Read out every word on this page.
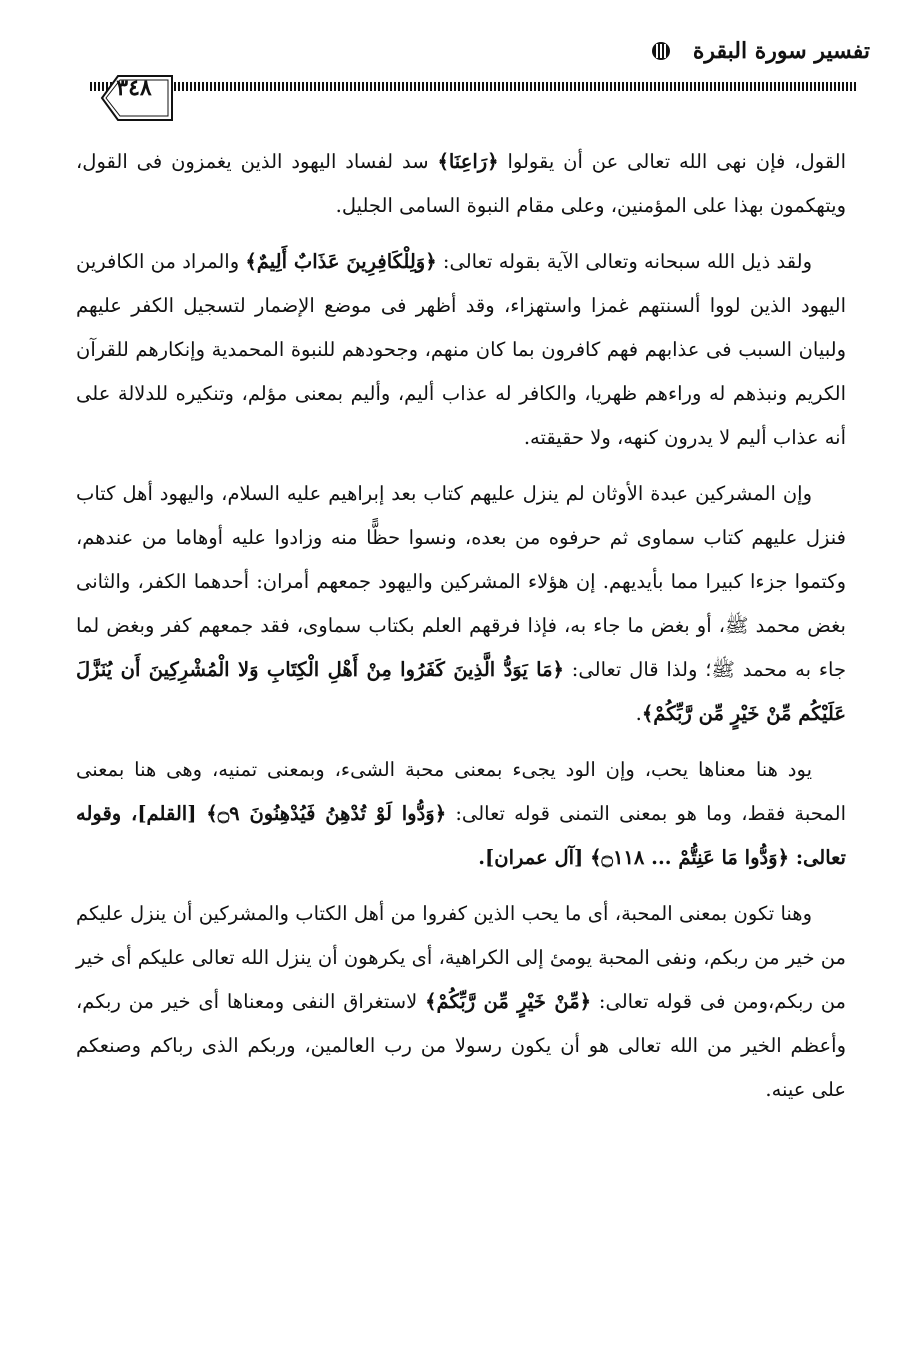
تفسير سورة البقرة
٣٤٨

القول، فإن نهى الله تعالى عن أن يقولوا ﴿رَاعِنَا﴾ سد لفساد اليهود الذين يغمزون فى القول، ويتهكمون بهذا على المؤمنين، وعلى مقام النبوة السامى الجليل.

ولقد ذيل الله سبحانه وتعالى الآية بقوله تعالى: ﴿وَلِلْكَافِرِينَ عَذَابٌ أَلِيمٌ﴾ والمراد من الكافرين اليهود الذين لووا ألسنتهم غمزا واستهزاء، وقد أظهر فى موضع الإضمار لتسجيل الكفر عليهم ولبيان السبب فى عذابهم فهم كافرون بما كان منهم، وجحودهم للنبوة المحمدية وإنكارهم للقرآن الكريم ونبذهم له وراءهم ظهريا، والكافر له عذاب أليم، وأليم بمعنى مؤلم، وتنكيره للدلالة على أنه عذاب أليم لا يدرون كنهه، ولا حقيقته.

وإن المشركين عبدة الأوثان لم ينزل عليهم كتاب بعد إبراهيم عليه السلام، واليهود أهل كتاب فنزل عليهم كتاب سماوى ثم حرفوه من بعده، ونسوا حظًّا منه وزادوا عليه أوهاما من عندهم، وكتموا جزءا كبيرا مما بأيديهم. إن هؤلاء المشركين واليهود جمعهم أمران: أحدهما الكفر، والثانى بغض محمد ﷺ، أو بغض ما جاء به، فإذا فرقهم العلم بكتاب سماوى، فقد جمعهم كفر وبغض لما جاء به محمد ﷺ؛ ولذا قال تعالى: ﴿مَا يَوَدُّ الَّذِينَ كَفَرُوا مِنْ أَهْلِ الْكِتَابِ وَلا الْمُشْرِكِينَ أَن يُنَزَّلَ عَلَيْكُم مِّنْ خَيْرٍ مِّن رَّبِّكُمْ﴾.

يود هنا معناها يحب، وإن الود يجىء بمعنى محبة الشىء، وبمعنى تمنيه، وهى هنا بمعنى المحبة فقط، وما هو بمعنى التمنى قوله تعالى: ﴿وَدُّوا لَوْ تُدْهِنُ فَيُدْهِنُونَ ۝٩﴾ [القلم]، وقوله تعالى: ﴿وَدُّوا مَا عَنِتُّمْ ... ۝١١٨﴾ [آل عمران].

وهنا تكون بمعنى المحبة، أى ما يحب الذين كفروا من أهل الكتاب والمشركين أن ينزل عليكم من خير من ربكم، ونفى المحبة يومئ إلى الكراهية، أى يكرهون أن ينزل الله تعالى عليكم أى خير من ربكم،ومن فى قوله تعالى: ﴿مِّنْ خَيْرٍ مِّن رَّبِّكُمْ﴾ لاستغراق النفى ومعناها أى خير من ربكم، وأعظم الخير من الله تعالى هو أن يكون رسولا من رب العالمين، وربكم الذى رباكم وصنعكم على عينه.
